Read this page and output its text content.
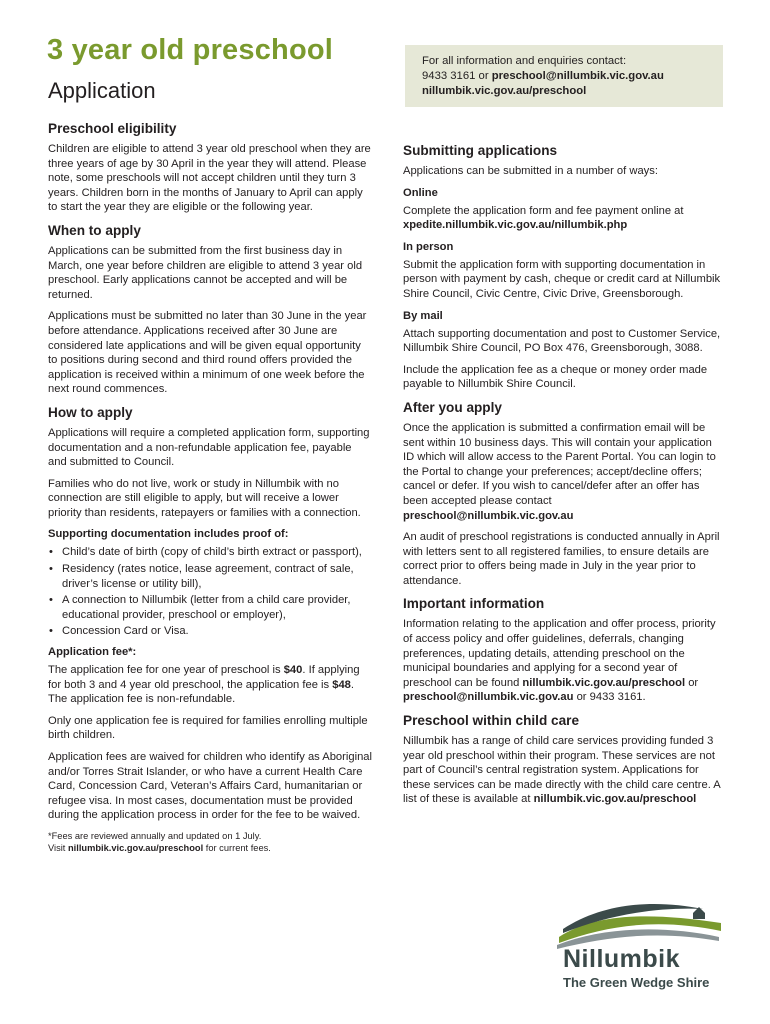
3 year old preschool
Application
For all information and enquiries contact:
9433 3161 or preschool@nillumbik.vic.gov.au
nillumbik.vic.gov.au/preschool
Preschool eligibility

Children are eligible to attend 3 year old preschool when they are three years of age by 30 April in the year they will attend. Please note, some preschools will not accept children until they turn 3 years. Children born in the months of January to April can apply to start the year they are eligible or the following year.

When to apply

Applications can be submitted from the first business day in March, one year before children are eligible to attend 3 year old preschool. Early applications cannot be accepted and will be returned.

Applications must be submitted no later than 30 June in the year before attendance. Applications received after 30 June are considered late applications and will be given equal opportunity to positions during second and third round offers provided the application is received within a minimum of one week before the next round commences.

How to apply

Applications will require a completed application form, supporting documentation and a non-refundable application fee, payable and submitted to Council.

Families who do not live, work or study in Nillumbik with no connection are still eligible to apply, but will receive a lower priority than residents, ratepayers or families with a connection.

Supporting documentation includes proof of:
• Child’s date of birth (copy of child’s birth extract or passport),
• Residency (rates notice, lease agreement, contract of sale, driver’s license or utility bill),
• A connection to Nillumbik (letter from a child care provider, educational provider, preschool or employer),
• Concession Card or Visa.
Application fee*:

The application fee for one year of preschool is $40. If applying for both 3 and 4 year old preschool, the application fee is $48. The application fee is non-refundable.

Only one application fee is required for families enrolling multiple birth children.

Application fees are waived for children who identify as Aboriginal and/or Torres Strait Islander, or who have a current Health Care Card, Concession Card, Veteran’s Affairs Card, humanitarian or refugee visa. In most cases, documentation must be provided during the application process in order for the fee to be waived.

*Fees are reviewed annually and updated on 1 July.
Visit nillumbik.vic.gov.au/preschool for current fees.
Submitting applications

Applications can be submitted in a number of ways:

Online

Complete the application form and fee payment online at xpedite.nillumbik.vic.gov.au/nillumbik.php

In person

Submit the application form with supporting documentation in person with payment by cash, cheque or credit card at Nillumbik Shire Council, Civic Centre, Civic Drive, Greensborough.

By mail

Attach supporting documentation and post to Customer Service, Nillumbik Shire Council, PO Box 476, Greensborough, 3088.

Include the application fee as a cheque or money order made payable to Nillumbik Shire Council.

After you apply

Once the application is submitted a confirmation email will be sent within 10 business days. This will contain your application ID which will allow access to the Parent Portal. You can login to the Portal to change your preferences; accept/decline offers; cancel or defer. If you wish to cancel/defer after an offer has been accepted please contact preschool@nillumbik.vic.gov.au

An audit of preschool registrations is conducted annually in April with letters sent to all registered families, to ensure details are correct prior to offers being made in July in the year prior to attendance.

Important information

Information relating to the application and offer process, priority of access policy and offer guidelines, deferrals, changing preferences, updating details, attending preschool on the municipal boundaries and applying for a second year of preschool can be found nillumbik.vic.gov.au/preschool or preschool@nillumbik.vic.gov.au or 9433 3161.

Preschool within child care

Nillumbik has a range of child care services providing funded 3 year old preschool within their program. These services are not part of Council’s central registration system. Applications for these services can be made directly with the child care centre. A list of these is available at nillumbik.vic.gov.au/preschool

Nillumbik
The Green Wedge Shire
